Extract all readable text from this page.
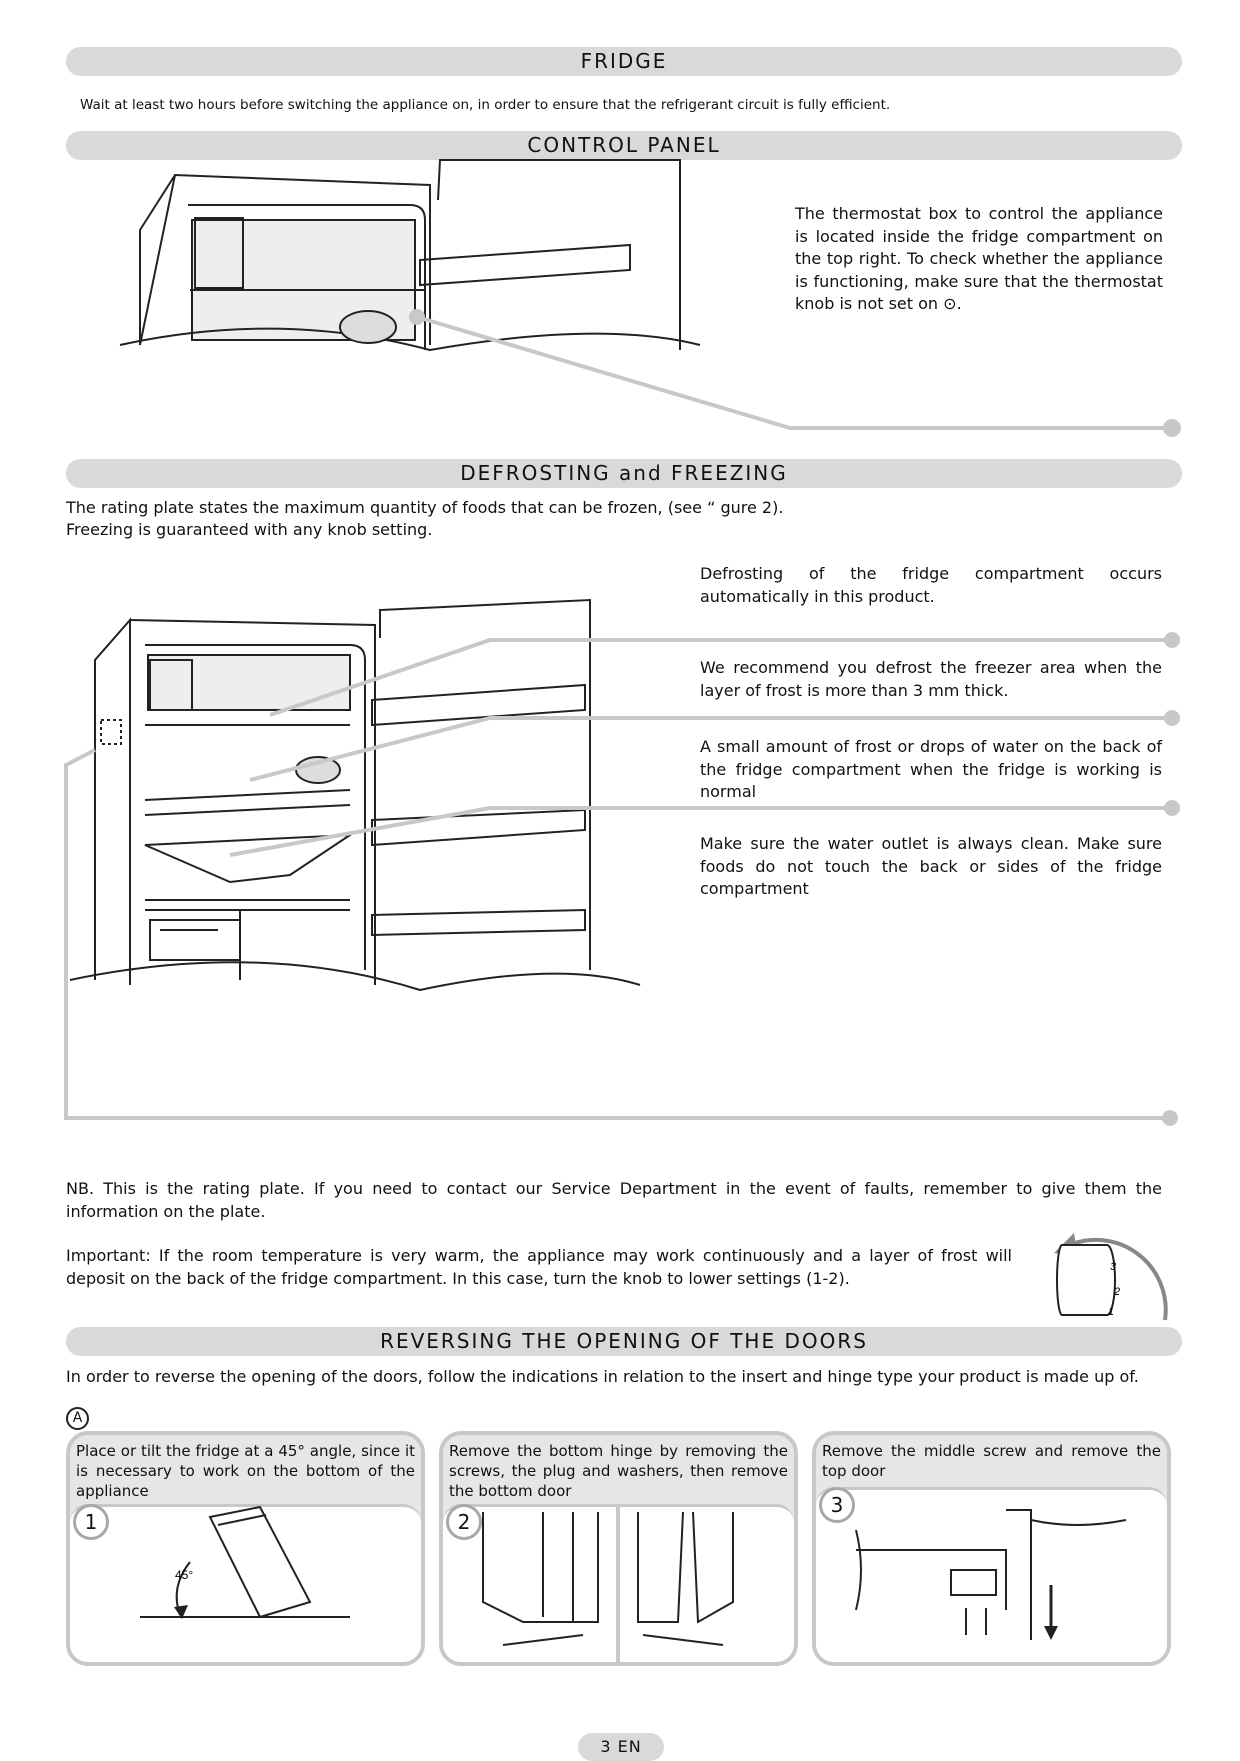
FRIDGE
Wait at least two hours before switching the appliance on, in order to ensure that the refrigerant circuit is fully efficient.
CONTROL PANEL
The thermostat box to control the appliance is located inside the fridge compartment on the top right. To check whether the appliance is functioning, make sure that the thermostat knob is not set on ⊙.
DEFROSTING and FREEZING
The rating plate states the maximum quantity of foods that can be frozen, (see “ gure 2).
Freezing is guaranteed with any knob setting.
Defrosting of the fridge compartment occurs automatically in this product.
We recommend you defrost the freezer area when the layer of frost is more than 3 mm thick.
A small amount of frost or drops of water on the back of the fridge compartment when the fridge is working is normal
Make sure the water outlet is always clean. Make sure foods do not touch the back or sides of the fridge compartment
NB. This is the rating plate. If you need to contact our Service Department in the event of faults, remember to give them the information on the plate.
Important: If the room temperature is very warm, the appliance may work continuously and a layer of frost will deposit on the back of the fridge compartment. In this case, turn the knob to lower settings (1-2).
3
2
1
REVERSING THE OPENING OF THE DOORS
In order to reverse the opening of the doors, follow the indications in relation to the insert and hinge type your product is made up of.
A
Place or tilt the fridge at a 45° angle, since it is necessary to work on the bottom of the appliance
45°
1
Remove the bottom hinge by removing the screws, the plug and washers, then remove the bottom door
2
Remove the middle screw and remove the top door
3
3 EN
